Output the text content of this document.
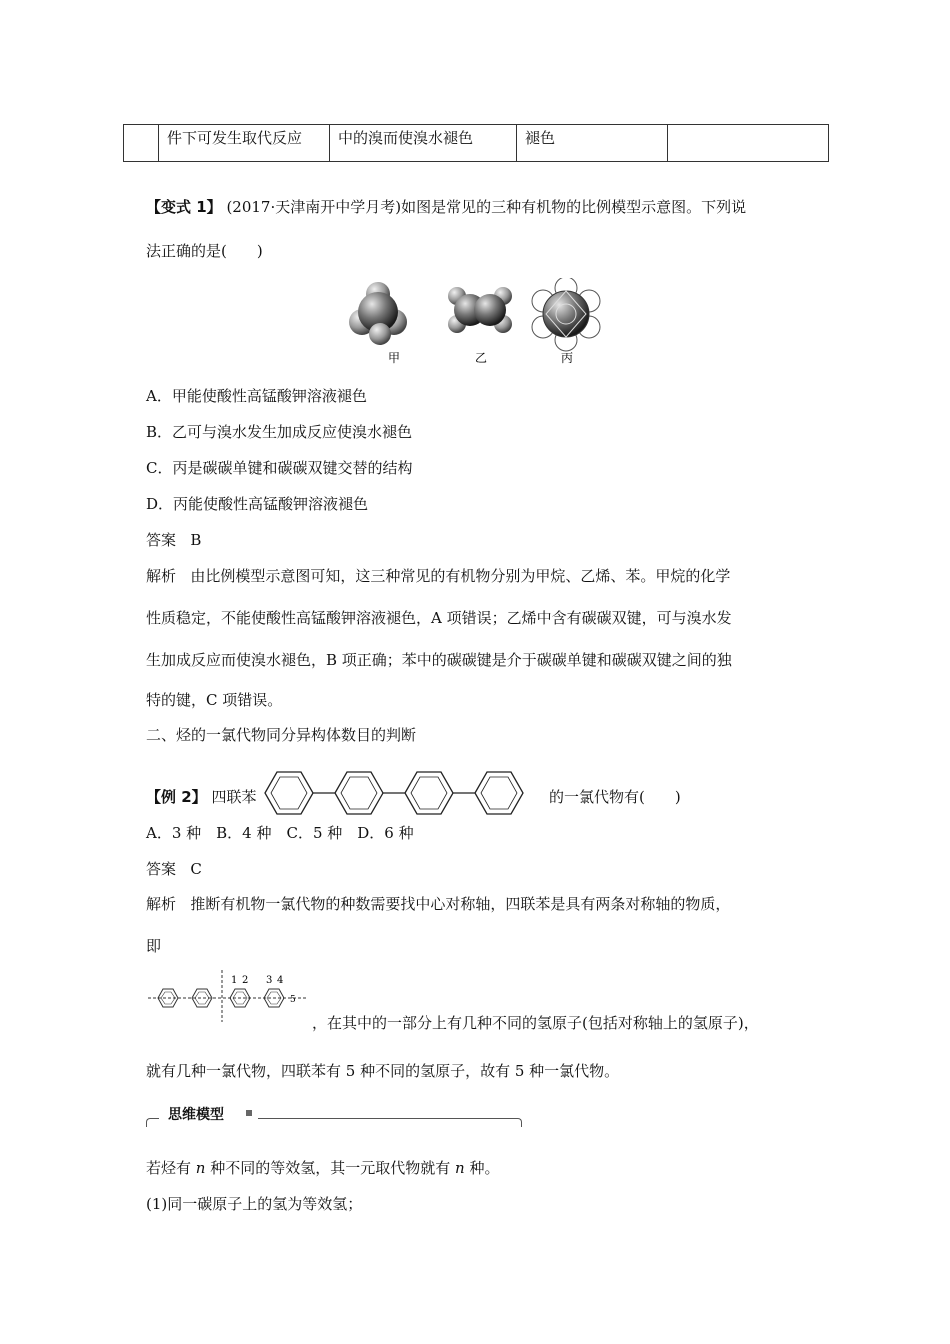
	件下可发生取代反应	中的溴而使溴水褪色	褪色	
【变式 1】 (2017·天津南开中学月考)如图是常见的三种有机物的比例模型示意图。下列说
法正确的是(　　)
甲	乙	丙
A．甲能使酸性高锰酸钾溶液褪色
B．乙可与溴水发生加成反应使溴水褪色
C．丙是碳碳单键和碳碳双键交替的结构
D．丙能使酸性高锰酸钾溶液褪色
答案 B
解析 由比例模型示意图可知，这三种常见的有机物分别为甲烷、乙烯、苯。甲烷的化学
性质稳定，不能使酸性高锰酸钾溶液褪色，A 项错误；乙烯中含有碳碳双键，可与溴水发
生加成反应而使溴水褪色，B 项正确；苯中的碳碳键是介于碳碳单键和碳碳双键之间的独
特的键，C 项错误。
二、烃的一氯代物同分异构体数目的判断
【例 2】 四联苯	的一氯代物有(　　)
A．3 种　B．4 种　C．5 种　D．6 种
答案 C
解析 推断有机物一氯代物的种数需要找中心对称轴，四联苯是具有两条对称轴的物质，
即
1 2 3 4
5
，在其中的一部分上有几种不同的氢原子(包括对称轴上的氢原子)，
就有几种一氯代物，四联苯有 5 种不同的氢原子，故有 5 种一氯代物。
思维模型
若烃有 n 种不同的等效氢，其一元取代物就有 n 种。
(1)同一碳原子上的氢为等效氢；
